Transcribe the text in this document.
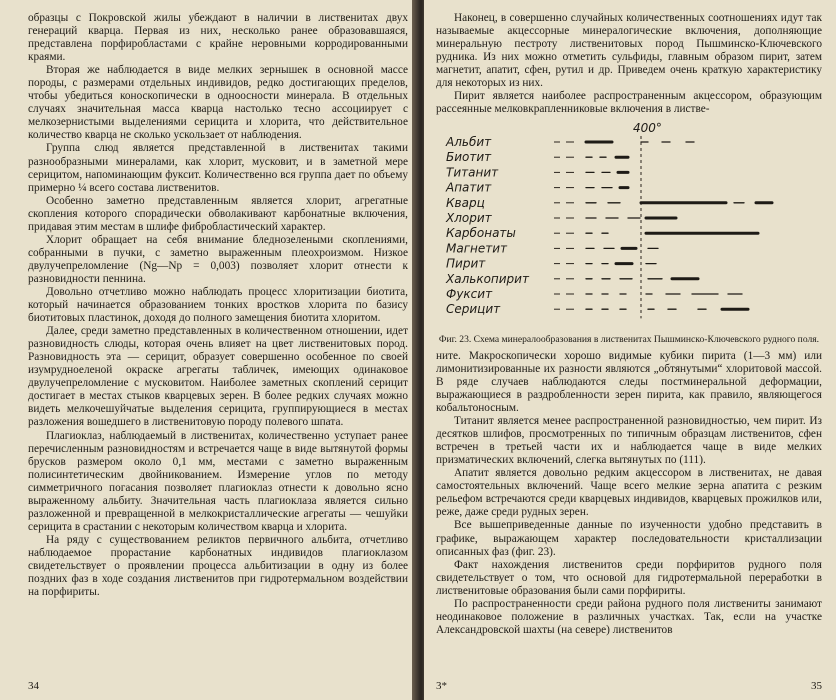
образцы с Покровской жилы убеждают в наличии в лиственитах двух генераций кварца. Первая из них, несколько ранее образовавшаяся, представлена порфиробластами с крайне неровными корродированными краями.

Вторая же наблюдается в виде мелких зернышек в основной массе породы, с размерами отдельных индивидов, редко достигающих пределов, чтобы убедиться коноскопически в одноосности минерала. В отдельных случаях значительная масса кварца настолько тесно ассоциирует с мелкозернистыми выделениями серицита и хлорита, что действительное количество кварца не сколько ускользает от наблюдения.

Группа слюд является представленной в лиственитах такими разнообразными минералами, как хлорит, мусковит, и в заметной мере серицитом, напоминающим фуксит. Количественно вся группа дает по объему примерно ¼ всего состава лиственитов.

Особенно заметно представленным является хлорит, агрегатные скопления которого спорадически обволакивают карбонатные включения, придавая этим местам в шлифе фибробластический характер.

Хлорит обращает на себя внимание бледнозелеными скоплениями, собранными в пучки, с заметно выраженным плеохроизмом. Низкое двулучепреломление (Ng—Np = 0,003) позволяет хлорит отнести к разновидности пеннина.

Довольно отчетливо можно наблюдать процесс хлоритизации биотита, который начинается образованием тонких вростков хлорита по базису биотитовых пластинок, доходя до полного замещения биотита хлоритом.

Далее, среди заметно представленных в количественном отношении, идет разновидность слюды, которая очень влияет на цвет лиственитовых пород. Разновидность эта — серицит, образует совершенно особенное по своей изумрудноеленой окраске агрегаты табличек, имеющих одинаковое двулучепреломление с мусковитом. Наиболее заметных скоплений серицит достигает в местах стыков кварцевых зерен. В более редких случаях можно видеть мелкочешуйчатые выделения серицита, группирующиеся в местах разложения вошедшего в лиственитовую породу полевого шпата.

Плагиоклаз, наблюдаемый в лиственитах, количественно уступает ранее перечисленным разновидностям и встречается чаще в виде вытянутой формы брусков размером около 0,1 мм, местами с заметно выраженным полисинтетическим двойникованием. Измерение углов по методу симметричного погасания позволяет плагиоклаз отнести к довольно ясно выраженному альбиту. Значительная часть плагиоклаза является сильно разложенной и превращенной в мелкокристаллические агрегаты — чешуйки серицита в срастании с некоторым количеством кварца и хлорита.

На ряду с существованием реликтов первичного альбита, отчетливо наблюдаемое прорастание карбонатных индивидов плагиоклазом свидетельствует о проявлении процесса альбитизации в одну из более поздних фаз в ходе создания лиственитов при гидротермальном воздействии на порфириты.

34

Наконец, в совершенно случайных количественных соотношениях идут так называемые акцессорные минералогические включения, дополняющие минеральную пестроту лиственитовых пород Пышминско-Ключевского рудника. Из них можно отметить сульфиды, главным образом пирит, затем магнетит, апатит, сфен, рутил и др. Приведем очень краткую характеристику для некоторых из них.

Пирит является наиболее распространенным акцессором, образующим рассеянные мелковкрапленниковые включения в листве-

400°
Альбит
Биотит
Титанит
Апатит
Кварц
Хлорит
Карбонаты
Магнетит
Пирит
Халькопирит
Фуксит
Серицит

Фиг. 23. Схема минералообразования в лиственитах Пышминско-Ключевского рудного поля.

ните. Макроскопически хорошо видимые кубики пирита (1—3 мм) или лимонитизированные их разности являются „обтянутыми“ хлоритовой массой. В ряде случаев наблюдаются следы постминеральной деформации, выражающиеся в раздробленности зерен пирита, как правило, являющегося кобальтоносным.

Титанит является менее распространенной разновидностью, чем пирит. Из десятков шлифов, просмотренных по типичным образцам лиственитов, сфен встречен в третьей части их и наблюдается чаще в виде мелких призматических включений, слегка вытянутых по (111).

Апатит является довольно редким акцессором в лиственитах, не давая самостоятельных включений. Чаще всего мелкие зерна апатита с резким рельефом встречаются среди кварцевых индивидов, кварцевых прожилков или, реже, даже среди рудных зерен.

Все вышеприведенные данные по изученности удобно представить в графике, выражающем характер последовательности кристаллизации описанных фаз (фиг. 23).

Факт нахождения лиственитов среди порфиритов рудного поля свидетельствует о том, что основой для гидротермальной переработки в лиственитовые образования были сами порфириты.

По распространенности среди района рудного поля листвениты занимают неодинаковое положение в различных участках. Так, если на участке Александровской шахты (на севере) лиственитов

3*	35
